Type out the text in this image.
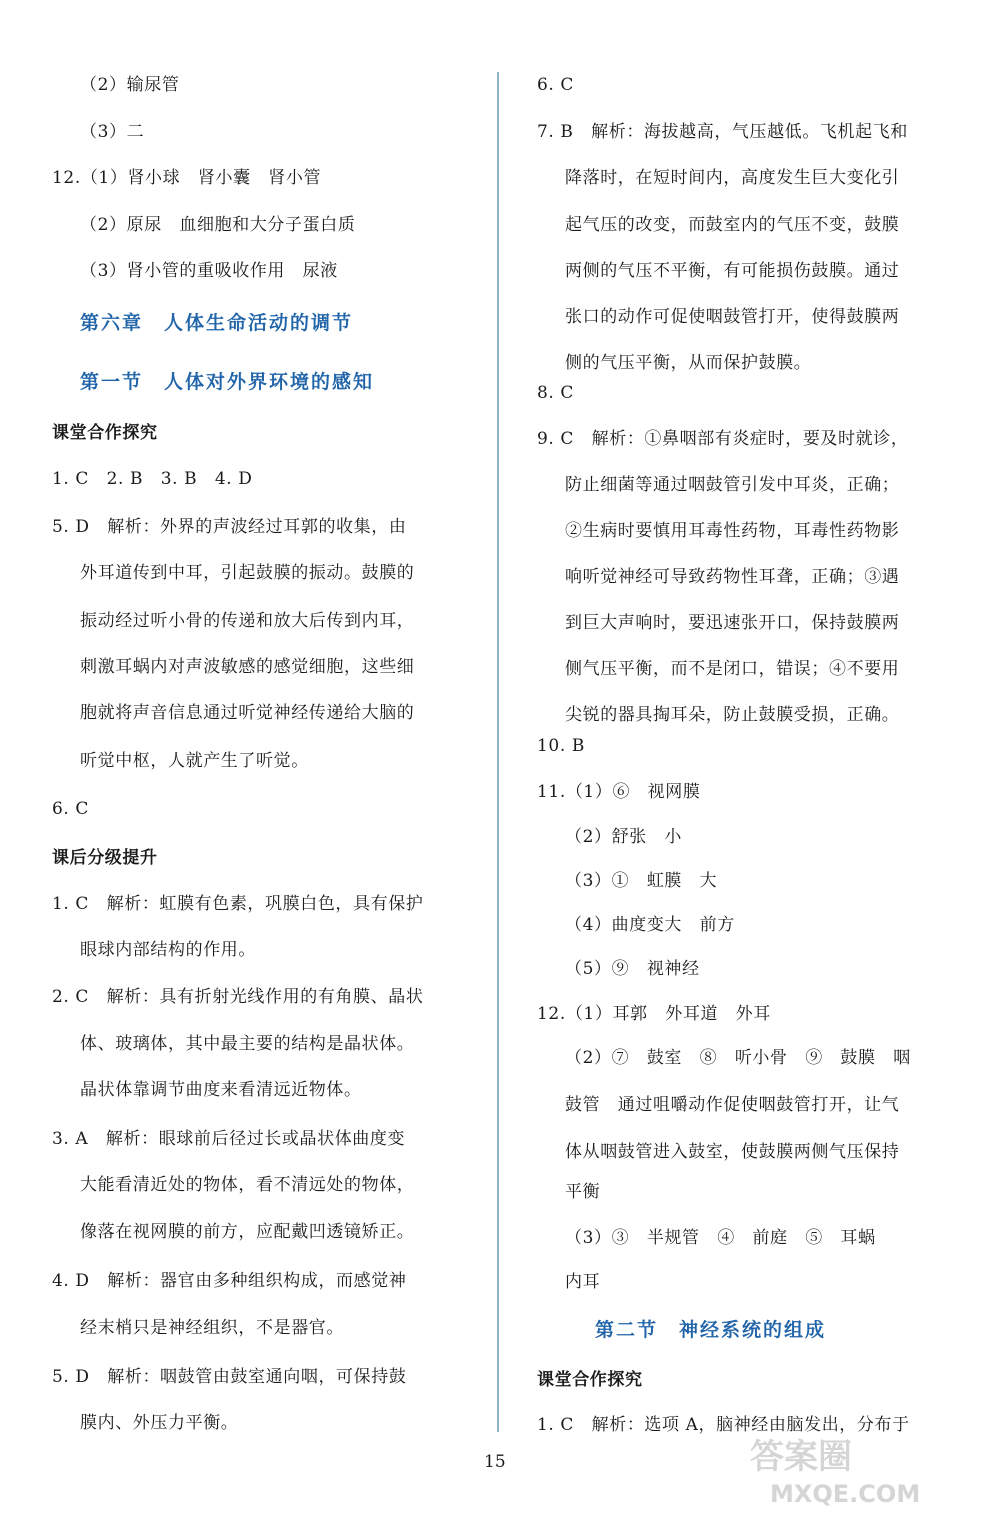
（2）输尿管
（3）二
12.（1）肾小球　肾小囊　肾小管
（2）原尿　血细胞和大分子蛋白质
（3）肾小管的重吸收作用　尿液
第六章　人体生命活动的调节
第一节　人体对外界环境的感知
课堂合作探究
1. C　2. B　3. B　4. D
5. D　解析：外界的声波经过耳郭的收集，由
外耳道传到中耳，引起鼓膜的振动。鼓膜的
振动经过听小骨的传递和放大后传到内耳，
刺激耳蜗内对声波敏感的感觉细胞，这些细
胞就将声音信息通过听觉神经传递给大脑的
听觉中枢，人就产生了听觉。
6. C
课后分级提升
1. C　解析：虹膜有色素，巩膜白色，具有保护
眼球内部结构的作用。
2. C　解析：具有折射光线作用的有角膜、晶状
体、玻璃体，其中最主要的结构是晶状体。
晶状体靠调节曲度来看清远近物体。
3. A　解析：眼球前后径过长或晶状体曲度变
大能看清近处的物体，看不清远处的物体，
像落在视网膜的前方，应配戴凹透镜矫正。
4. D　解析：器官由多种组织构成，而感觉神
经末梢只是神经组织，不是器官。
5. D　解析：咽鼓管由鼓室通向咽，可保持鼓
膜内、外压力平衡。
6. C
7. B　解析：海拔越高，气压越低。飞机起飞和
降落时，在短时间内，高度发生巨大变化引
起气压的改变，而鼓室内的气压不变，鼓膜
两侧的气压不平衡，有可能损伤鼓膜。通过
张口的动作可促使咽鼓管打开，使得鼓膜两
侧的气压平衡，从而保护鼓膜。
8. C
9. C　解析：①鼻咽部有炎症时，要及时就诊，
防止细菌等通过咽鼓管引发中耳炎，正确；
②生病时要慎用耳毒性药物，耳毒性药物影
响听觉神经可导致药物性耳聋，正确；③遇
到巨大声响时，要迅速张开口，保持鼓膜两
侧气压平衡，而不是闭口，错误；④不要用
尖锐的器具掏耳朵，防止鼓膜受损，正确。
10. B
11.（1）⑥　视网膜
（2）舒张　小
（3）①　虹膜　大
（4）曲度变大　前方
（5）⑨　视神经
12.（1）耳郭　外耳道　外耳
（2）⑦　鼓室　⑧　听小骨　⑨　鼓膜　咽
鼓管　通过咀嚼动作促使咽鼓管打开，让气
体从咽鼓管进入鼓室，使鼓膜两侧气压保持
平衡
（3）③　半规管　④　前庭　⑤　耳蜗
内耳
第二节　神经系统的组成
课堂合作探究
1. C　解析：选项 A，脑神经由脑发出，分布于
15	答案圈
MXQE.COM
